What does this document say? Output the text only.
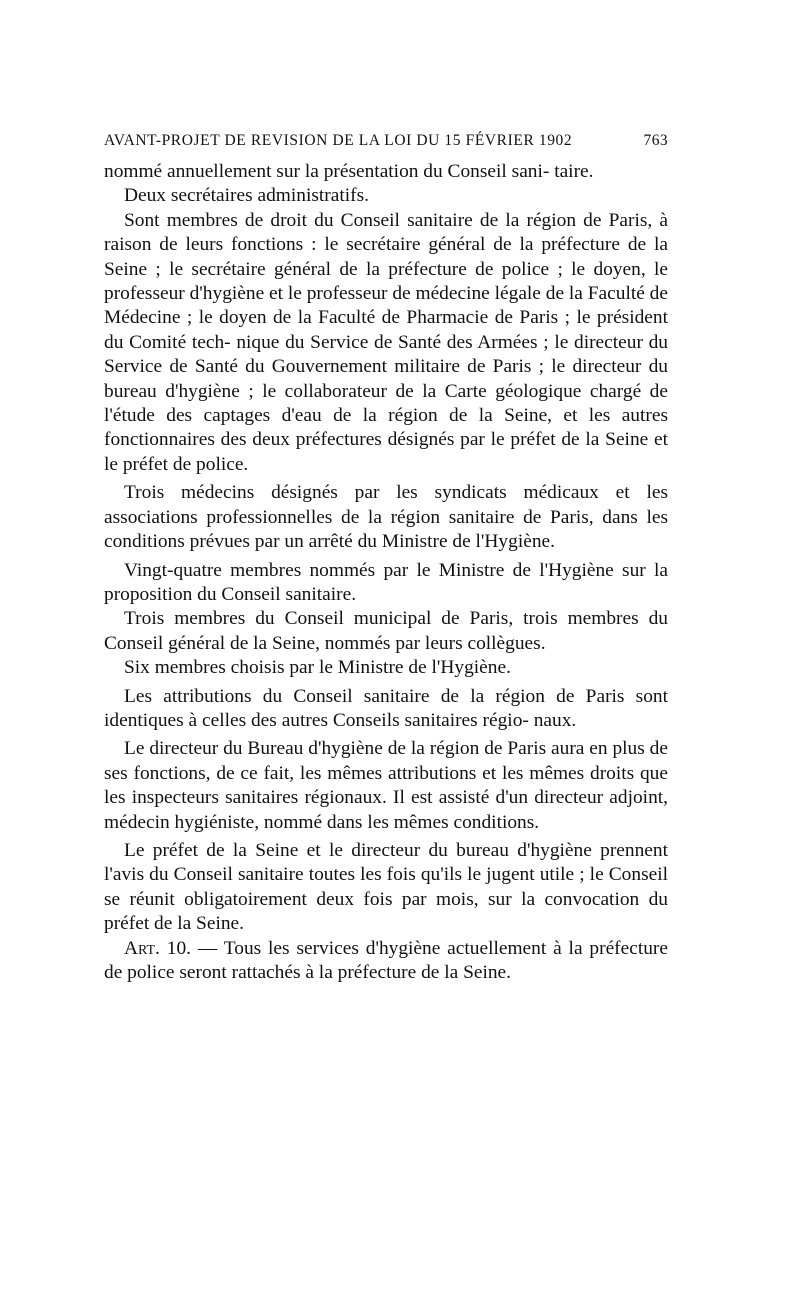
AVANT-PROJET DE REVISION DE LA LOI DU 15 FÉVRIER 1902	763

nommé annuellement sur la présentation du Conseil sani- taire.

Deux secrétaires administratifs.

Sont membres de droit du Conseil sanitaire de la région de Paris, à raison de leurs fonctions : le secrétaire général de la préfecture de la Seine ; le secrétaire général de la préfecture de police ; le doyen, le professeur d'hygiène et le professeur de médecine légale de la Faculté de Médecine ; le doyen de la Faculté de Pharmacie de Paris ; le président du Comité tech- nique du Service de Santé des Armées ; le directeur du Service de Santé du Gouvernement militaire de Paris ; le directeur du bureau d'hygiène ; le collaborateur de la Carte géologique chargé de l'étude des captages d'eau de la région de la Seine, et les autres fonctionnaires des deux préfectures désignés par le préfet de la Seine et le préfet de police.

Trois médecins désignés par les syndicats médicaux et les associations professionnelles de la région sanitaire de Paris, dans les conditions prévues par un arrêté du Ministre de l'Hygiène.

Vingt-quatre membres nommés par le Ministre de l'Hygiène sur la proposition du Conseil sanitaire.

Trois membres du Conseil municipal de Paris, trois membres du Conseil général de la Seine, nommés par leurs collègues.

Six membres choisis par le Ministre de l'Hygiène.

Les attributions du Conseil sanitaire de la région de Paris sont identiques à celles des autres Conseils sanitaires régio- naux.

Le directeur du Bureau d'hygiène de la région de Paris aura en plus de ses fonctions, de ce fait, les mêmes attributions et les mêmes droits que les inspecteurs sanitaires régionaux. Il est assisté d'un directeur adjoint, médecin hygiéniste, nommé dans les mêmes conditions.

Le préfet de la Seine et le directeur du bureau d'hygiène prennent l'avis du Conseil sanitaire toutes les fois qu'ils le jugent utile ; le Conseil se réunit obligatoirement deux fois par mois, sur la convocation du préfet de la Seine.

Art. 10. — Tous les services d'hygiène actuellement à la préfecture de police seront rattachés à la préfecture de la Seine.
